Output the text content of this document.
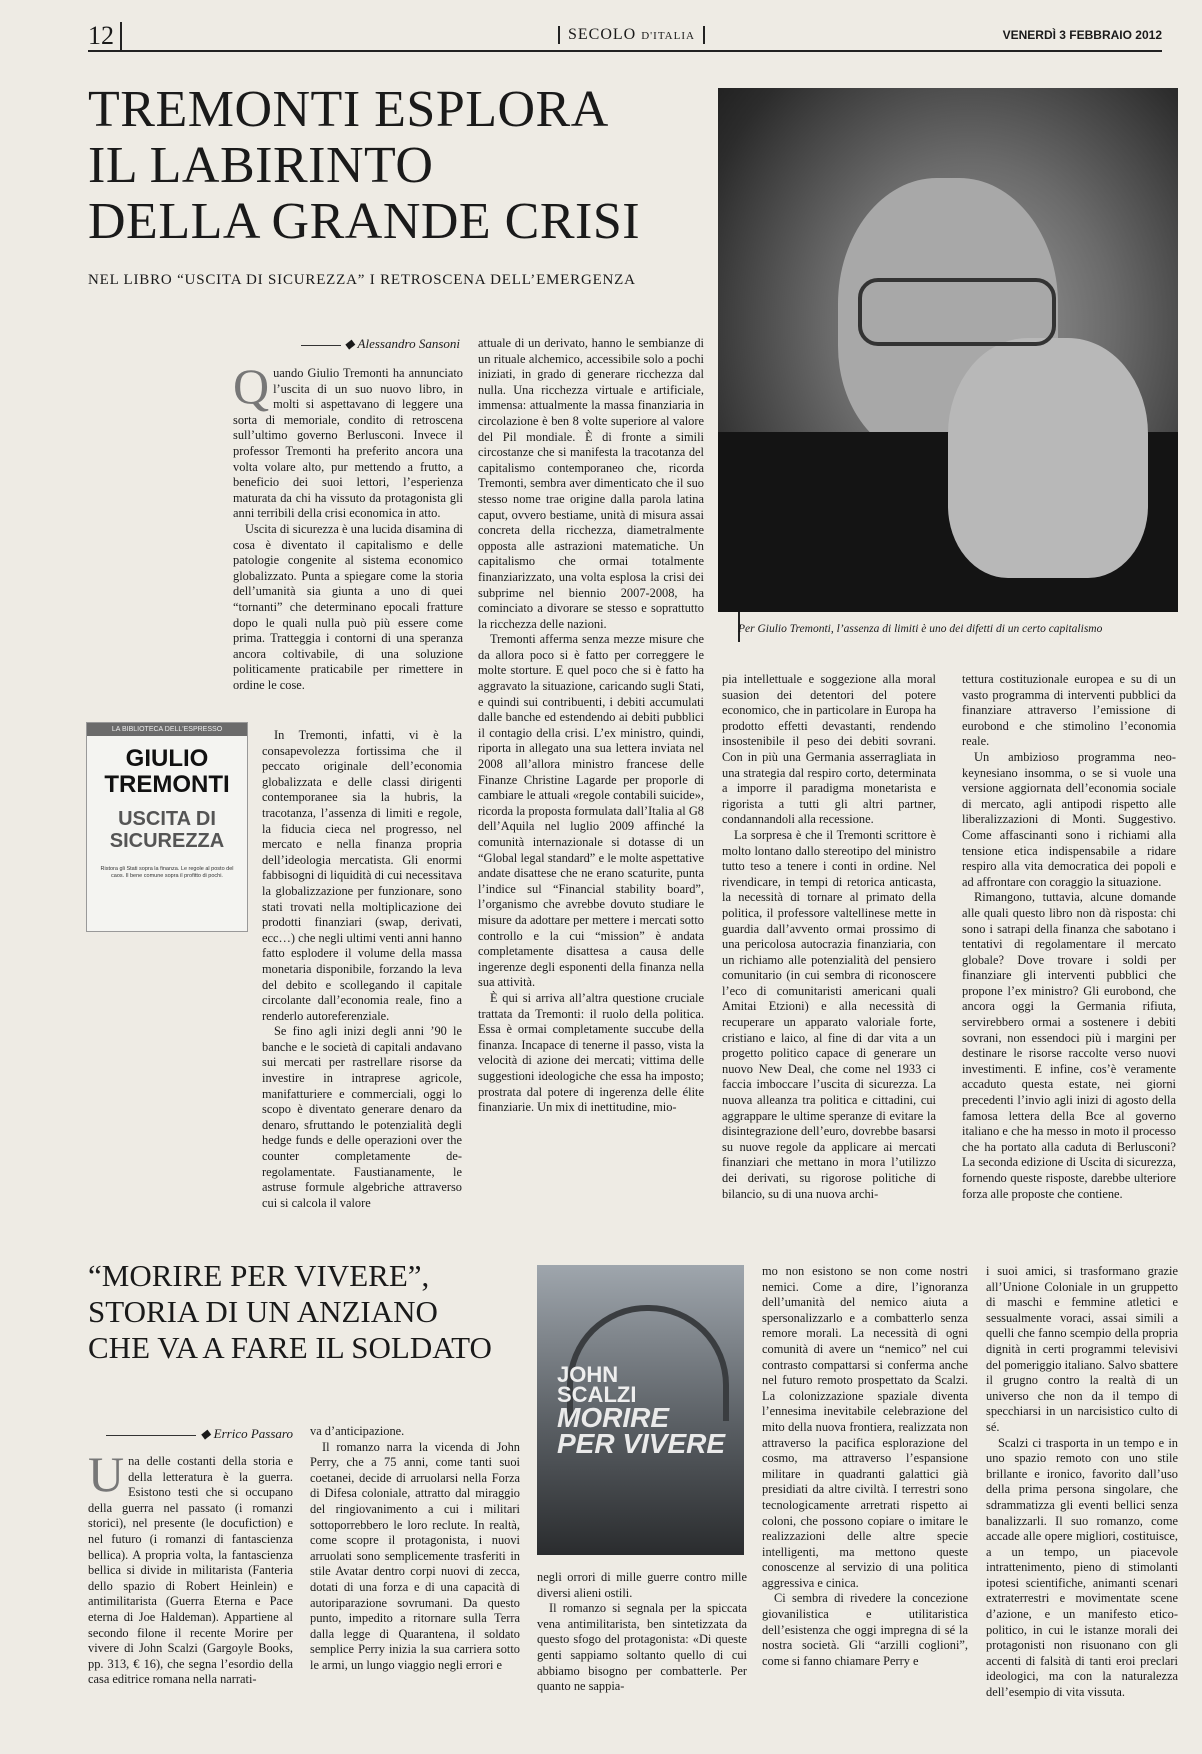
12	SECOLO D'ITALIA	VENERDÌ 3 FEBBRAIO 2012
TREMONTI ESPLORA
IL LABIRINTO
DELLA GRANDE CRISI
NEL LIBRO “USCITA DI SICUREZZA” I RETROSCENA DELL’EMERGENZA
Per Giulio Tremonti, l’assenza di limiti è uno dei difetti di un certo capitalismo
◆ Alessandro Sansoni

Quando Giulio Tremonti ha annunciato l’uscita di un suo nuovo libro, in molti si aspettavano di leggere una sorta di memoriale, condito di retroscena sull’ultimo governo Berlusconi. Invece il professor Tremonti ha preferito ancora una volta volare alto, pur mettendo a frutto, a beneficio dei suoi lettori, l’esperienza maturata da chi ha vissuto da protagonista gli anni terribili della crisi economica in atto.

Uscita di sicurezza è una lucida disamina di cosa è diventato il capitalismo e delle patologie congenite al sistema economico globalizzato. Punta a spiegare come la storia dell’umanità sia giunta a uno di quei “tornanti” che determinano epocali fratture dopo le quali nulla può più essere come prima. Tratteggia i contorni di una speranza ancora coltivabile, di una soluzione politicamente praticabile per rimettere in ordine le cose.

In Tremonti, infatti, vi è la consapevolezza fortissima che il peccato originale dell’economia globalizzata e delle classi dirigenti contemporanee sia la hubris, la tracotanza, l’assenza di limiti e regole, la fiducia cieca nel progresso, nel mercato e nella finanza propria dell’ideologia mercatista. Gli enormi fabbisogni di liquidità di cui necessitava la globalizzazione per funzionare, sono stati trovati nella moltiplicazione dei prodotti finanziari (swap, derivati, ecc…) che negli ultimi venti anni hanno fatto esplodere il volume della massa monetaria disponibile, forzando la leva del debito e scollegando il capitale circolante dall’economia reale, fino a renderlo autoreferenziale.

Se fino agli inizi degli anni ’90 le banche e le società di capitali andavano sui mercati per rastrellare risorse da investire in intraprese agricole, manifatturiere e commerciali, oggi lo scopo è diventato generare denaro da denaro, sfruttando le potenzialità degli hedge funds e delle operazioni over the counter completamente de-regolamentate. Faustianamente, le astruse formule algebriche attraverso cui si calcola il valore

LA BIBLIOTECA DELL'ESPRESSO
GIULIO
TREMONTI
USCITA DI
SICUREZZA
Ristora gli Stati sopra la finanza. Le regole al posto del caos. Il bene comune sopra il profitto di pochi.

attuale di un derivato, hanno le sembianze di un rituale alchemico, accessibile solo a pochi iniziati, in grado di generare ricchezza dal nulla. Una ricchezza virtuale e artificiale, immensa: attualmente la massa finanziaria in circolazione è ben 8 volte superiore al valore del Pil mondiale. È di fronte a simili circostanze che si manifesta la tracotanza del capitalismo contemporaneo che, ricorda Tremonti, sembra aver dimenticato che il suo stesso nome trae origine dalla parola latina caput, ovvero bestiame, unità di misura assai concreta della ricchezza, diametralmente opposta alle astrazioni matematiche. Un capitalismo che ormai totalmente finanziarizzato, una volta esplosa la crisi dei subprime nel biennio 2007-2008, ha cominciato a divorare se stesso e soprattutto la ricchezza delle nazioni.

Tremonti afferma senza mezze misure che da allora poco si è fatto per correggere le molte storture. E quel poco che si è fatto ha aggravato la situazione, caricando sugli Stati, e quindi sui contribuenti, i debiti accumulati dalle banche ed estendendo ai debiti pubblici il contagio della crisi. L’ex ministro, quindi, riporta in allegato una sua lettera inviata nel 2008 all’allora ministro francese delle Finanze Christine Lagarde per proporle di cambiare le attuali «regole contabili suicide», ricorda la proposta formulata dall’Italia al G8 dell’Aquila nel luglio 2009 affinché la comunità internazionale si dotasse di un “Global legal standard” e le molte aspettative andate disattese che ne erano scaturite, punta l’indice sul “Financial stability board”, l’organismo che avrebbe dovuto studiare le misure da adottare per mettere i mercati sotto controllo e la cui “mission” è andata completamente disattesa a causa delle ingerenze degli esponenti della finanza nella sua attività.

È qui si arriva all’altra questione cruciale trattata da Tremonti: il ruolo della politica. Essa è ormai completamente succube della finanza. Incapace di tenerne il passo, vista la velocità di azione dei mercati; vittima delle suggestioni ideologiche che essa ha imposto; prostrata dal potere di ingerenza delle élite finanziarie. Un mix di inettitudine, mio-

pia intellettuale e soggezione alla moral suasion dei detentori del potere economico, che in particolare in Europa ha prodotto effetti devastanti, rendendo insostenibile il peso dei debiti sovrani. Con in più una Germania asserragliata in una strategia dal respiro corto, determinata a imporre il paradigma monetarista e rigorista a tutti gli altri partner, condannandoli alla recessione.

La sorpresa è che il Tremonti scrittore è molto lontano dallo stereotipo del ministro tutto teso a tenere i conti in ordine. Nel rivendicare, in tempi di retorica anticasta, la necessità di tornare al primato della politica, il professore valtellinese mette in guardia dall’avvento ormai prossimo di una pericolosa autocrazia finanziaria, con un richiamo alle potenzialità del pensiero comunitario (in cui sembra di riconoscere l’eco di comunitaristi americani quali Amitai Etzioni) e alla necessità di recuperare un apparato valoriale forte, cristiano e laico, al fine di dar vita a un progetto politico capace di generare un nuovo New Deal, che come nel 1933 ci faccia imboccare l’uscita di sicurezza. La nuova alleanza tra politica e cittadini, cui aggrappare le ultime speranze di evitare la disintegrazione dell’euro, dovrebbe basarsi su nuove regole da applicare ai mercati finanziari che mettano in mora l’utilizzo dei derivati, su rigorose politiche di bilancio, su di una nuova archi-

tettura costituzionale europea e su di un vasto programma di interventi pubblici da finanziare attraverso l’emissione di eurobond e che stimolino l’economia reale.

Un ambizioso programma neo-keynesiano insomma, o se si vuole una versione aggiornata dell’economia sociale di mercato, agli antipodi rispetto alle liberalizzazioni di Monti. Suggestivo. Come affascinanti sono i richiami alla tensione etica indispensabile a ridare respiro alla vita democratica dei popoli e ad affrontare con coraggio la situazione.

Rimangono, tuttavia, alcune domande alle quali questo libro non dà risposta: chi sono i satrapi della finanza che sabotano i tentativi di regolamentare il mercato globale? Dove trovare i soldi per finanziare gli interventi pubblici che propone l’ex ministro? Gli eurobond, che ancora oggi la Germania rifiuta, servirebbero ormai a sostenere i debiti sovrani, non essendoci più i margini per destinare le risorse raccolte verso nuovi investimenti. E infine, cos’è veramente accaduto questa estate, nei giorni precedenti l’invio agli inizi di agosto della famosa lettera della Bce al governo italiano e che ha messo in moto il processo che ha portato alla caduta di Berlusconi? La seconda edizione di Uscita di sicurezza, fornendo queste risposte, darebbe ulteriore forza alle proposte che contiene.

“MORIRE PER VIVERE”,
STORIA DI UN ANZIANO
CHE VA A FARE IL SOLDATO
◆ Errico Passaro

Una delle costanti della storia e della letteratura è la guerra. Esistono testi che si occupano della guerra nel passato (i romanzi storici), nel presente (le docufiction) e nel futuro (i romanzi di fantascienza bellica). A propria volta, la fantascienza bellica si divide in militarista (Fanteria dello spazio di Robert Heinlein) e antimilitarista (Guerra Eterna e Pace eterna di Joe Haldeman). Appartiene al secondo filone il recente Morire per vivere di John Scalzi (Gargoyle Books, pp. 313, € 16), che segna l’esordio della casa editrice romana nella narrati-

va d’anticipazione.

Il romanzo narra la vicenda di John Perry, che a 75 anni, come tanti suoi coetanei, decide di arruolarsi nella Forza di Difesa coloniale, attratto dal miraggio del ringiovanimento a cui i militari sottoporrebbero le loro reclute. In realtà, come scopre il protagonista, i nuovi arruolati sono semplicemente trasferiti in stile Avatar dentro corpi nuovi di zecca, dotati di una forza e di una capacità di autoriparazione sovrumani. Da questo punto, impedito a ritornare sulla Terra dalla legge di Quarantena, il soldato semplice Perry inizia la sua carriera sotto le armi, un lungo viaggio negli errori e

JOHN
SCALZI
MORIRE
PER VIVERE

negli orrori di mille guerre contro mille diversi alieni ostili.

Il romanzo si segnala per la spiccata vena antimilitarista, ben sintetizzata da questo sfogo del protagonista: «Di queste genti sappiamo soltanto quello di cui abbiamo bisogno per combatterle. Per quanto ne sappia-

mo non esistono se non come nostri nemici. Come a dire, l’ignoranza dell’umanità del nemico aiuta a spersonalizzarlo e a combatterlo senza remore morali. La necessità di ogni comunità di avere un “nemico” nel cui contrasto compattarsi si conferma anche nel futuro remoto prospettato da Scalzi. La colonizzazione spaziale diventa l’ennesima inevitabile celebrazione del mito della nuova frontiera, realizzata non attraverso la pacifica esplorazione del cosmo, ma attraverso l’espansione militare in quadranti galattici già presidiati da altre civiltà. I terrestri sono tecnologicamente arretrati rispetto ai coloni, che possono copiare o imitare le realizzazioni delle altre specie intelligenti, ma mettono queste conoscenze al servizio di una politica aggressiva e cinica.

Ci sembra di rivedere la concezione giovanilistica e utilitaristica dell’esistenza che oggi impregna di sé la nostra società. Gli “arzilli coglioni”, come si fanno chiamare Perry e

i suoi amici, si trasformano grazie all’Unione Coloniale in un gruppetto di maschi e femmine atletici e sessualmente voraci, assai simili a quelli che fanno scempio della propria dignità in certi programmi televisivi del pomeriggio italiano. Salvo sbattere il grugno contro la realtà di un universo che non da il tempo di specchiarsi in un narcisistico culto di sé.

Scalzi ci trasporta in un tempo e in uno spazio remoto con uno stile brillante e ironico, favorito dall’uso della prima persona singolare, che sdrammatizza gli eventi bellici senza banalizzarli. Il suo romanzo, come accade alle opere migliori, costituisce, a un tempo, un piacevole intrattenimento, pieno di stimolanti ipotesi scientifiche, animanti scenari extraterrestri e movimentate scene d’azione, e un manifesto etico-politico, in cui le istanze morali dei protagonisti non risuonano con gli accenti di falsità di tanti eroi preclari ideologici, ma con la naturalezza dell’esempio di vita vissuta.
